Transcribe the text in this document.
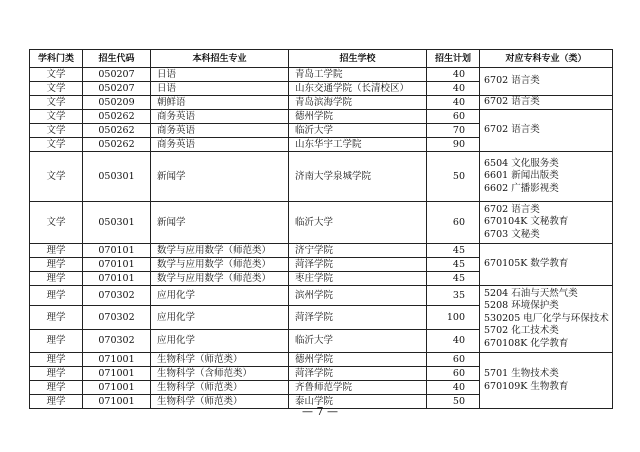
学科门类	招生代码	本科招生专业	招生学校	招生计划	对应专科专业（类）
文学	050207	日语	青岛工学院	40	6702 语言类

文学	050207	日语	山东交通学院（长清校区）	40	
文学	050209	朝鲜语	青岛滨海学院	40	6702 语言类

文学	050262	商务英语	德州学院	60	6702 语言类

文学	050262	商务英语	临沂大学	70	
文学	050262	商务英语	山东华宇工学院	90	
文学	050301	新闻学	济南大学泉城学院	50	6504 文化服务类
6601 新闻出版类
6602 广播影视类

文学	050301	新闻学	临沂大学	60	6702 语言类
670104K 文秘教育
6703 文秘类

理学	070101	数学与应用数学（师范类）	济宁学院	45	670105K 数学教育

理学	070101	数学与应用数学（师范类）	菏泽学院	45	
理学	070101	数学与应用数学（师范类）	枣庄学院	45	
理学	070302	应用化学	滨州学院	35	5204 石油与天然气类
5208 环境保护类
530205 电厂化学与环保技术
5702 化工技术类
670108K 化学教育

理学	070302	应用化学	菏泽学院	100	
理学	070302	应用化学	临沂大学	40	
理学	071001	生物科学（师范类）	德州学院	60	5701 生物技术类
670109K 生物教育

理学	071001	生物科学（含师范类）	菏泽学院	60	
理学	071001	生物科学（师范类）	齐鲁师范学院	40	
理学	071001	生物科学（师范类）	泰山学院	50	
— 7 —
